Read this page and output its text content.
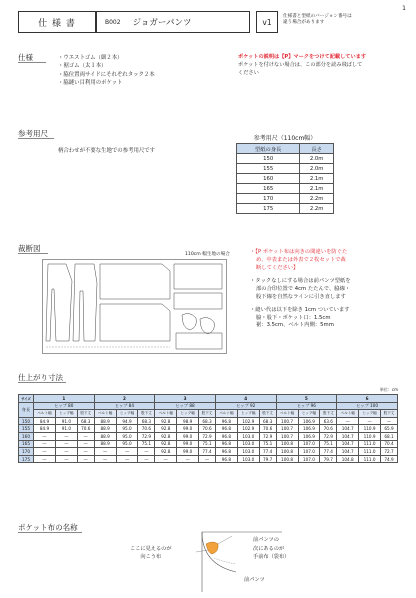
1
仕 様 書	B002 ジョガーパンツ	v1
仕様書と型紙のバージョン番号は
違う場合があります
仕様	・ウエストゴム（細２本）
・裾ゴム（太１本）
・脇位置両サイドにそれぞれタック２本
・脇縫い目利用のポケット
ポケットの説明は【P】マークをつけて記載しています
ポケットを付けない場合は、この部分を読み飛ばして
ください
参考用尺
柄合わせが不要な生地での参考用尺です
参考用尺（110cm幅）
型紙の身長	長さ
150	2.0m
155	2.0m
160	2.1m
165	2.1m
170	2.2m
175	2.2m
裁断図
110cm 幅生地の場合	・【P ポケット布は向きの間違いを防ぐた
め、中表または外表で２枚セットで裁
断してください】
・タックなしにする場合は前パンツ型紙を
部の合印位置で 4cm たたんで、脇線・
股下線を自然なラインに引き直します
・縫い代は以下を除き 1cm ついています
脇・股下・ポケット口：1.5cm
裾：3.5cm、ベルト内側：5mm
仕上がり寸法
単位：cm
サイズ	1			2			3			4			5			6		
身長	ヒップ 80			ヒップ 84			ヒップ 88			ヒップ 92			ヒップ 96			ヒップ 100		
	ベルト幅	ヒップ幅	股下丈	ベルト幅	ヒップ幅	股下丈	ベルト幅	ヒップ幅	股下丈	ベルト幅	ヒップ幅	股下丈	ベルト幅	ヒップ幅	股下丈	ベルト幅	ヒップ幅	股下丈
150	84.9	91.0	68.3	88.9	94.9	68.3	92.8	98.9	68.3	96.8	102.9	68.3	100.7	106.9	63.6	—	—	—
155	84.9	91.0	70.6	88.9	95.0	70.6	92.8	99.0	70.6	96.8	102.9	70.6	100.7	106.9	70.6	104.7	110.9	65.9
160	—	—	—	88.9	95.0	72.9	92.8	99.0	72.9	96.8	103.0	72.9	100.7	106.9	72.9	104.7	110.9	68.1
165	—	—	—	88.9	95.0	75.1	92.8	99.0	75.1	96.8	103.0	75.1	100.8	107.0	75.1	104.7	111.0	70.4
170	—	—	—	—	—	—	92.8	99.0	77.4	96.8	103.0	77.4	100.8	107.0	77.4	104.7	111.0	72.7
175	—	—	—	—	—	—	—	—	—	96.8	103.0	79.7	100.8	107.0	79.7	104.8	111.0	74.9
ポケット布の名称
ここに見えるのが
向こう布
前パンツの
次にあるのが
手前布（袋布）
前パンツ
